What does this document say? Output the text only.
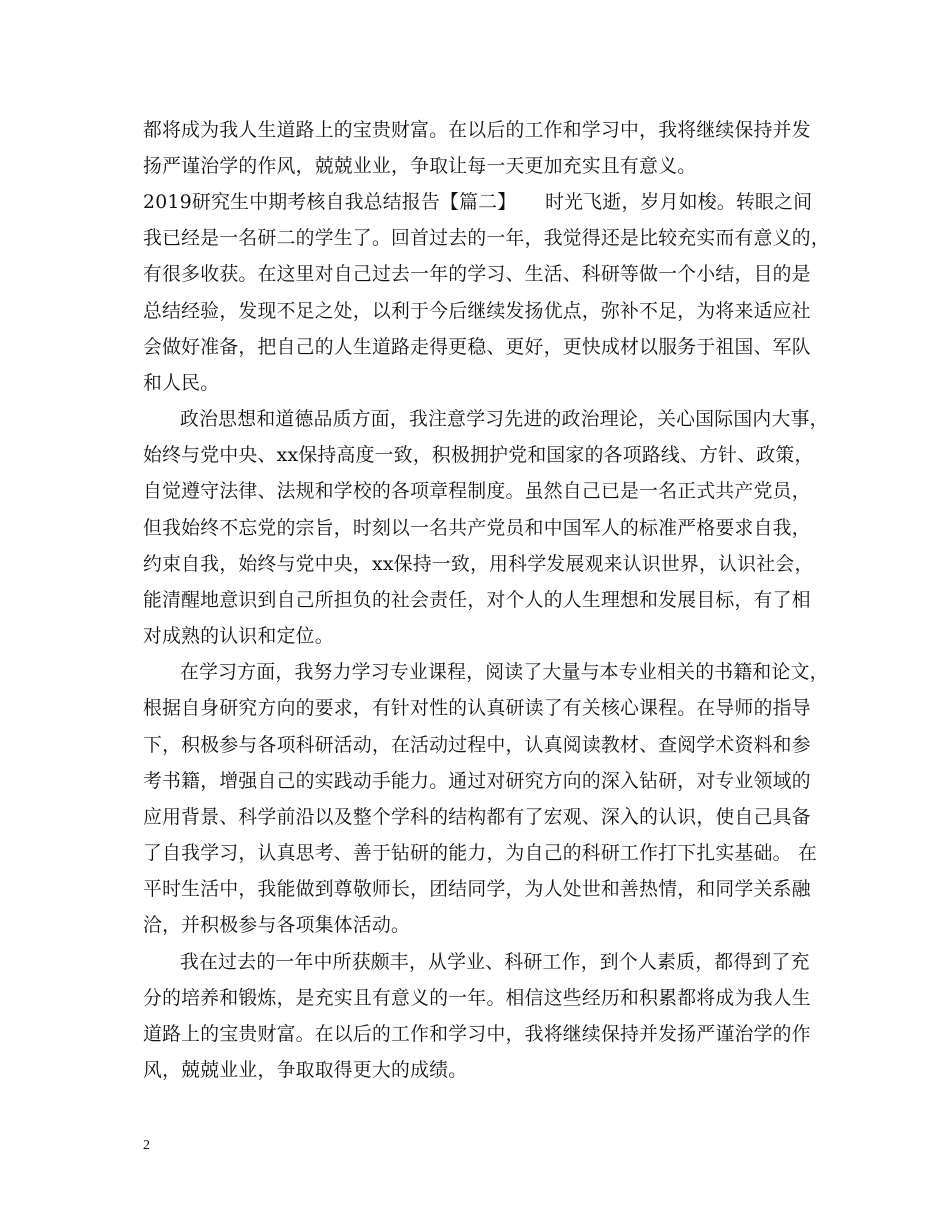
都将成为我人生道路上的宝贵财富。在以后的工作和学习中，我将继续保持并发
扬严谨治学的作风，兢兢业业，争取让每一天更加充实且有意义。
2019研究生中期考核自我总结报告【篇二】　　时光飞逝，岁月如梭。转眼之间
我已经是一名研二的学生了。回首过去的一年，我觉得还是比较充实而有意义的，
有很多收获。在这里对自己过去一年的学习、生活、科研等做一个小结，目的是
总结经验，发现不足之处，以利于今后继续发扬优点，弥补不足，为将来适应社
会做好准备，把自己的人生道路走得更稳、更好，更快成材以服务于祖国、军队
和人民。
政治思想和道德品质方面，我注意学习先进的政治理论，关心国际国内大事，
始终与党中央、xx保持高度一致，积极拥护党和国家的各项路线、方针、政策，
自觉遵守法律、法规和学校的各项章程制度。虽然自己已是一名正式共产党员，
但我始终不忘党的宗旨，时刻以一名共产党员和中国军人的标准严格要求自我，
约束自我，始终与党中央，xx保持一致，用科学发展观来认识世界，认识社会，
能清醒地意识到自己所担负的社会责任，对个人的人生理想和发展目标，有了相
对成熟的认识和定位。
在学习方面，我努力学习专业课程，阅读了大量与本专业相关的书籍和论文，
根据自身研究方向的要求，有针对性的认真研读了有关核心课程。在导师的指导
下，积极参与各项科研活动，在活动过程中，认真阅读教材、查阅学术资料和参
考书籍，增强自己的实践动手能力。通过对研究方向的深入钻研，对专业领域的
应用背景、科学前沿以及整个学科的结构都有了宏观、深入的认识，使自己具备
了自我学习，认真思考、善于钻研的能力，为自己的科研工作打下扎实基础。 在
平时生活中，我能做到尊敬师长，团结同学，为人处世和善热情，和同学关系融
洽，并积极参与各项集体活动。
我在过去的一年中所获颇丰，从学业、科研工作，到个人素质，都得到了充
分的培养和锻炼，是充实且有意义的一年。相信这些经历和积累都将成为我人生
道路上的宝贵财富。在以后的工作和学习中，我将继续保持并发扬严谨治学的作
风，兢兢业业，争取取得更大的成绩。
2
